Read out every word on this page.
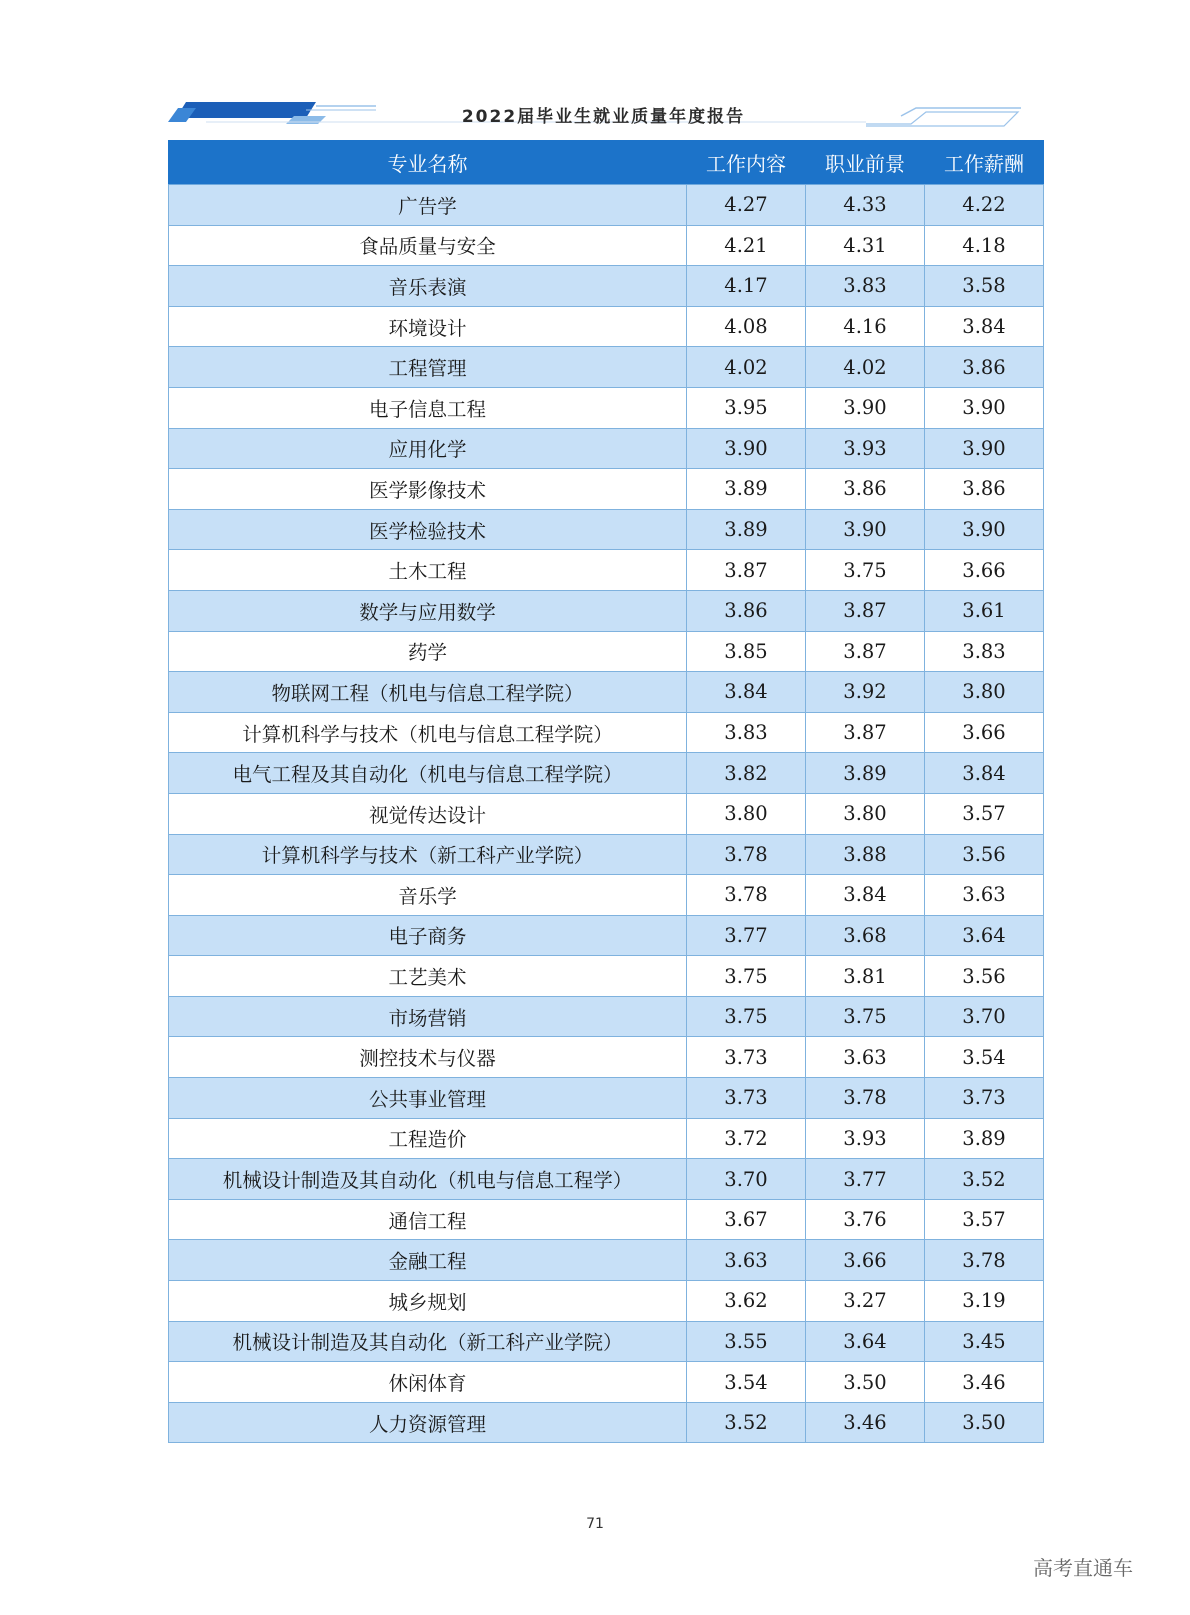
2022届毕业生就业质量年度报告
专业名称	工作内容	职业前景	工作薪酬
广告学	4.27	4.33	4.22
食品质量与安全	4.21	4.31	4.18
音乐表演	4.17	3.83	3.58
环境设计	4.08	4.16	3.84
工程管理	4.02	4.02	3.86
电子信息工程	3.95	3.90	3.90
应用化学	3.90	3.93	3.90
医学影像技术	3.89	3.86	3.86
医学检验技术	3.89	3.90	3.90
土木工程	3.87	3.75	3.66
数学与应用数学	3.86	3.87	3.61
药学	3.85	3.87	3.83
物联网工程（机电与信息工程学院）	3.84	3.92	3.80
计算机科学与技术（机电与信息工程学院）	3.83	3.87	3.66
电气工程及其自动化（机电与信息工程学院）	3.82	3.89	3.84
视觉传达设计	3.80	3.80	3.57
计算机科学与技术（新工科产业学院）	3.78	3.88	3.56
音乐学	3.78	3.84	3.63
电子商务	3.77	3.68	3.64
工艺美术	3.75	3.81	3.56
市场营销	3.75	3.75	3.70
测控技术与仪器	3.73	3.63	3.54
公共事业管理	3.73	3.78	3.73
工程造价	3.72	3.93	3.89
机械设计制造及其自动化（机电与信息工程学）	3.70	3.77	3.52
通信工程	3.67	3.76	3.57
金融工程	3.63	3.66	3.78
城乡规划	3.62	3.27	3.19
机械设计制造及其自动化（新工科产业学院）	3.55	3.64	3.45
休闲体育	3.54	3.50	3.46
人力资源管理	3.52	3.46	3.50
71
高考直通车
